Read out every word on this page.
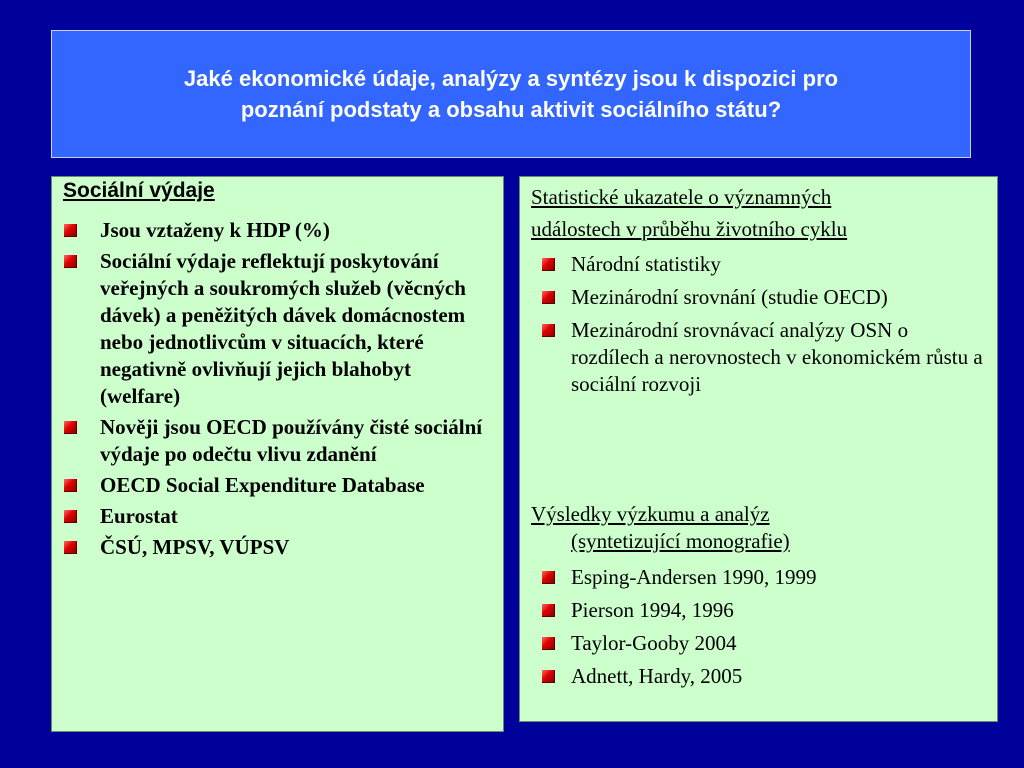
Jaké ekonomické údaje, analýzy a syntézy jsou k dispozici pro
poznání podstaty a obsahu aktivit sociálního státu?

Sociální výdaje

Jsou vztaženy k HDP (%)
Sociální výdaje reflektují poskytování veřejných a soukromých služeb (věcných dávek) a peněžitých dávek domácnostem nebo jednotlivcům v situacích, které negativně ovlivňují jejich blahobyt (welfare)
Nověji jsou OECD používány čisté sociální výdaje po odečtu vlivu zdanění
OECD Social Expenditure Database
Eurostat
ČSÚ, MPSV, VÚPSV

Statistické ukazatele o významných
událostech v průběhu životního cyklu

Národní statistiky
Mezinárodní srovnání (studie OECD)
Mezinárodní srovnávací analýzy OSN o rozdílech a nerovnostech v ekonomickém růstu a sociální rozvoji

Výsledky výzkumu a analýz
(syntetizující monografie)

Esping-Andersen 1990, 1999
Pierson 1994, 1996
Taylor-Gooby 2004
Adnett, Hardy, 2005
